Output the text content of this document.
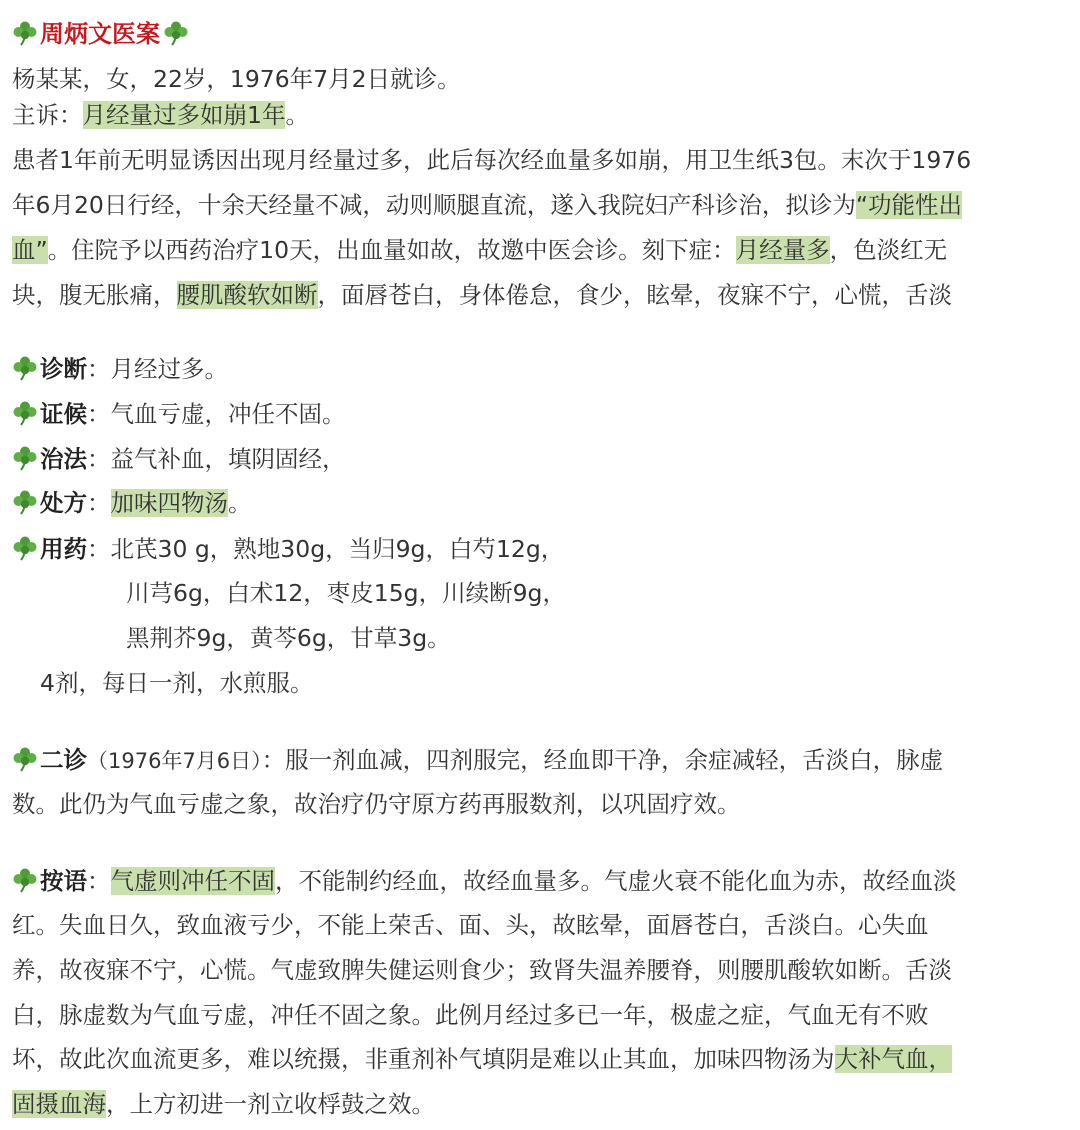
周炳文医案
杨某某，女，22岁，1976年7月2日就诊。
主诉：月经量过多如崩1年。
患者1年前无明显诱因出现月经量过多，此后每次经血量多如崩，用卫生纸3包。末次于1976
年6月20日行经，十余天经量不减，动则顺腿直流，遂入我院妇产科诊治，拟诊为“功能性出
血”。住院予以西药治疗10天，出血量如故，故邀中医会诊。刻下症：月经量多，色淡红无
块，腹无胀痛，腰肌酸软如断，面唇苍白，身体倦怠，食少，眩晕，夜寐不宁，心慌，舌淡
诊断：月经过多。
证候：气血亏虚，冲任不固。
治法：益气补血，填阴固经，
处方：加味四物汤。
用药：北芪30 g，熟地30g，当归9g，白芍12g，
川芎6g，白术12，枣皮15g，川续断9g，
黑荆芥9g，黄芩6g，甘草3g。
4剂，每日一剂，水煎服。
二诊（1976年7月6日）：服一剂血减，四剂服完，经血即干净，余症减轻，舌淡白，脉虚
数。此仍为气血亏虚之象，故治疗仍守原方药再服数剂，以巩固疗效。
按语：气虚则冲任不固，不能制约经血，故经血量多。气虚火衰不能化血为赤，故经血淡
红。失血日久，致血液亏少，不能上荣舌、面、头，故眩晕，面唇苍白，舌淡白。心失血
养，故夜寐不宁，心慌。气虚致脾失健运则食少；致肾失温养腰脊，则腰肌酸软如断。舌淡
白，脉虚数为气血亏虚，冲任不固之象。此例月经过多已一年，极虚之症，气血无有不败
坏，故此次血流更多，难以统摄，非重剂补气填阴是难以止其血，加味四物汤为大补气血，
固摄血海，上方初进一剂立收桴鼓之效。
